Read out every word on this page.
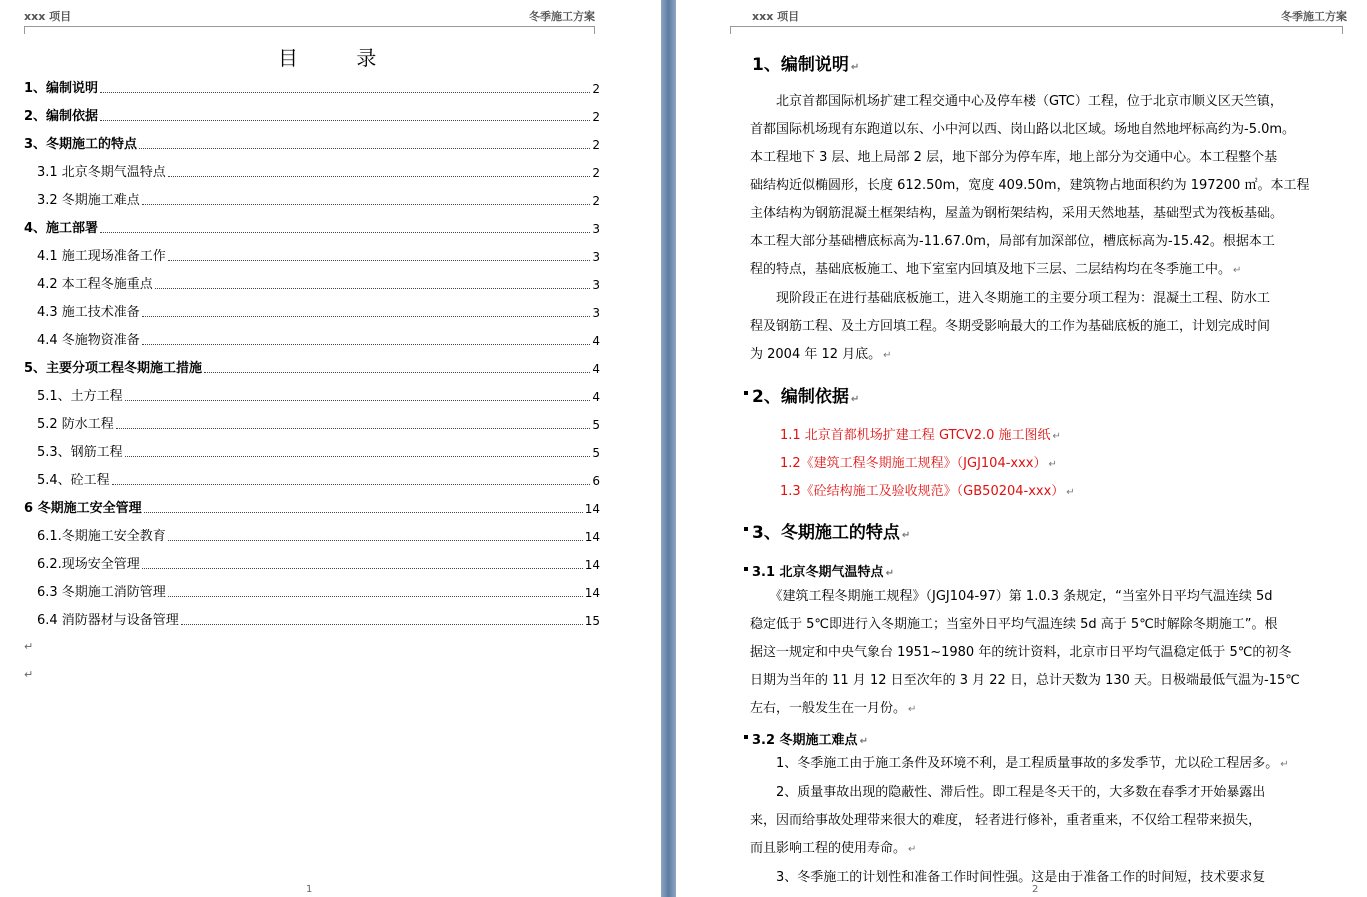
xxx 项目	冬季施工方案
目 录
1、编制说明	2
2、编制依据	2
3、冬期施工的特点	2
3.1 北京冬期气温特点	2
3.2 冬期施工难点	2
4、施工部署	3
4.1 施工现场准备工作	3
4.2 本工程冬施重点	3
4.3 施工技术准备	3
4.4 冬施物资准备	4
5、主要分项工程冬期施工措施	4
5.1、土方工程	4
5.2 防水工程	5
5.3、钢筋工程	5
5.4、砼工程	6
6 冬期施工安全管理	14
6.1.冬期施工安全教育	14
6.2.现场安全管理	14
6.3 冬期施工消防管理	14
6.4 消防器材与设备管理	15
↵
↵
1
xxx 项目	冬季施工方案
1、编制说明 ↵
　　北京首都国际机场扩建工程交通中心及停车楼（GTC）工程，位于北京市顺义区天竺镇，
首都国际机场现有东跑道以东、小中河以西、岗山路以北区域。场地自然地坪标高约为-5.0m。
本工程地下 3 层、地上局部 2 层，地下部分为停车库，地上部分为交通中心。本工程整个基
础结构近似椭圆形，长度 612.50m，宽度 409.50m，建筑物占地面积约为 197200 ㎡。本工程
主体结构为钢筋混凝土框架结构，屋盖为钢桁架结构，采用天然地基，基础型式为筏板基础。
本工程大部分基础槽底标高为-11.67.0m，局部有加深部位，槽底标高为-15.42。根据本工
程的特点，基础底板施工、地下室室内回填及地下三层、二层结构均在冬季施工中。 ↵
　　现阶段正在进行基础底板施工，进入冬期施工的主要分项工程为：混凝土工程、防水工
程及钢筋工程、及土方回填工程。冬期受影响最大的工作为基础底板的施工，计划完成时间
为 2004 年 12 月底。 ↵
2、编制依据 ↵
1.1 北京首都机场扩建工程 GTCV2.0 施工图纸 ↵
1.2《建筑工程冬期施工规程》（JGJ104-xxx） ↵
1.3《砼结构施工及验收规范》（GB50204-xxx） ↵
3、冬期施工的特点 ↵
3.1 北京冬期气温特点 ↵
　　《建筑工程冬期施工规程》（JGJ104-97）第 1.0.3 条规定，“当室外日平均气温连续 5d
稳定低于 5℃即进行入冬期施工；当室外日平均气温连续 5d 高于 5℃时解除冬期施工”。根
据这一规定和中央气象台 1951~1980 年的统计资料，北京市日平均气温稳定低于 5℃的初冬
日期为当年的 11 月 12 日至次年的 3 月 22 日，总计天数为 130 天。日极端最低气温为-15℃
左右，一般发生在一月份。 ↵
3.2 冬期施工难点 ↵
　　1、冬季施工由于施工条件及环境不利，是工程质量事故的多发季节，尤以砼工程居多。 ↵
　　2、质量事故出现的隐蔽性、滞后性。即工程是冬天干的，大多数在春季才开始暴露出
来，因而给事故处理带来很大的难度， 轻者进行修补，重者重来，不仅给工程带来损失，
而且影响工程的使用寿命。 ↵
　　3、冬季施工的计划性和准备工作时间性强。这是由于准备工作的时间短，技术要求复
2
